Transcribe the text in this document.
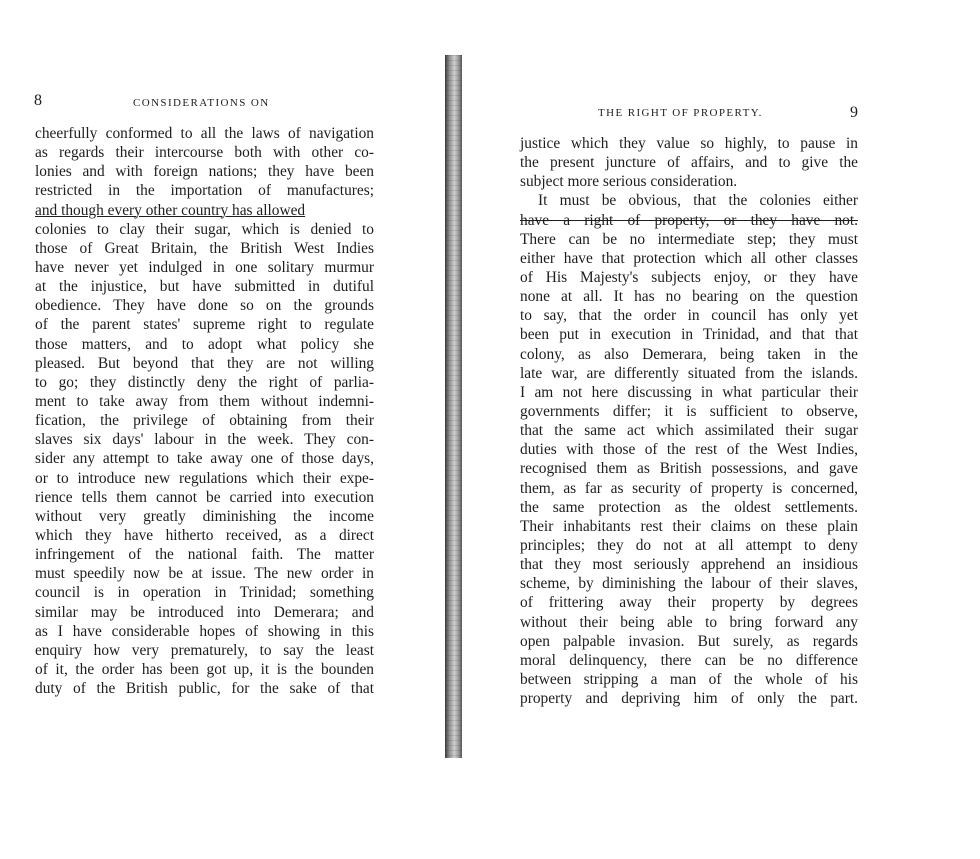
8	CONSIDERATIONS ON
cheerfully conformed to all the laws of navigation
as regards their intercourse both with other co-
lonies and with foreign nations; they have been
restricted in the importation of manufactures;
and though every other country has allowed
colonies to clay their sugar, which is denied to
those of Great Britain, the British West Indies
have never yet indulged in one solitary murmur
at the injustice, but have submitted in dutiful
obedience. They have done so on the grounds
of the parent states' supreme right to regulate
those matters, and to adopt what policy she
pleased. But beyond that they are not willing
to go; they distinctly deny the right of parlia-
ment to take away from them without indemni-
fication, the privilege of obtaining from their
slaves six days' labour in the week. They con-
sider any attempt to take away one of those days,
or to introduce new regulations which their expe-
rience tells them cannot be carried into execution
without very greatly diminishing the income
which they have hitherto received, as a direct
infringement of the national faith. The matter
must speedily now be at issue. The new order in
council is in operation in Trinidad; something
similar may be introduced into Demerara; and
as I have considerable hopes of showing in this
enquiry how very prematurely, to say the least
of it, the order has been got up, it is the bounden
duty of the British public, for the sake of that
THE RIGHT OF PROPERTY.	9
justice which they value so highly, to pause in
the present juncture of affairs, and to give the
subject more serious consideration.
It must be obvious, that the colonies either
have a right of property, or they have not.
There can be no intermediate step; they must
either have that protection which all other classes
of His Majesty's subjects enjoy, or they have
none at all. It has no bearing on the question
to say, that the order in council has only yet
been put in execution in Trinidad, and that that
colony, as also Demerara, being taken in the
late war, are differently situated from the islands.
I am not here discussing in what particular their
governments differ; it is sufficient to observe,
that the same act which assimilated their sugar
duties with those of the rest of the West Indies,
recognised them as British possessions, and gave
them, as far as security of property is concerned,
the same protection as the oldest settlements.
Their inhabitants rest their claims on these plain
principles; they do not at all attempt to deny
that they most seriously apprehend an insidious
scheme, by diminishing the labour of their slaves,
of frittering away their property by degrees
without their being able to bring forward any
open palpable invasion. But surely, as regards
moral delinquency, there can be no difference
between stripping a man of the whole of his
property and depriving him of only the part.
